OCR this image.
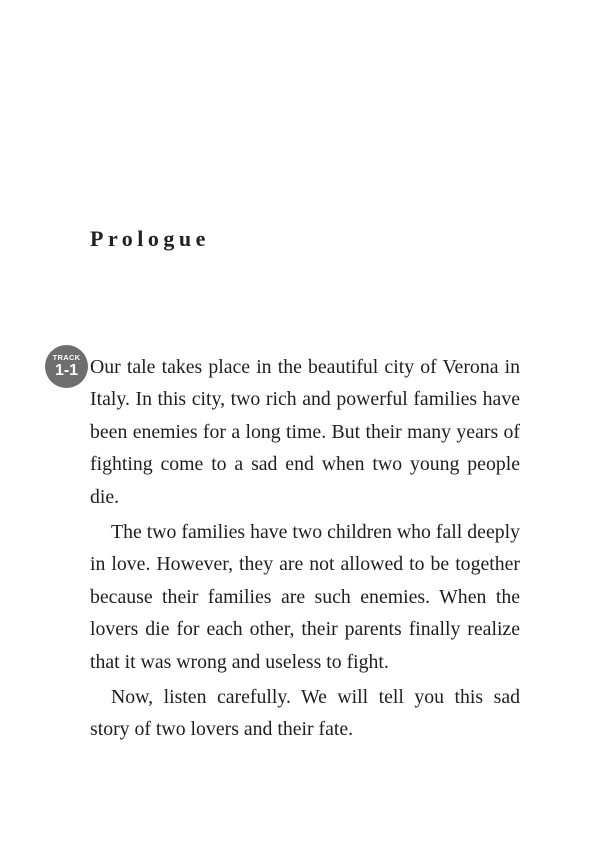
Prologue
TRACK
1-1 Our tale takes place in the beautiful city of Verona in Italy. In this city, two rich and powerful families have been enemies for a long time. But their many years of fighting come to a sad end when two young people die.

The two families have two children who fall deeply in love. However, they are not allowed to be together because their families are such enemies. When the lovers die for each other, their parents finally realize that it was wrong and useless to fight.

Now, listen carefully. We will tell you this sad story of two lovers and their fate.
